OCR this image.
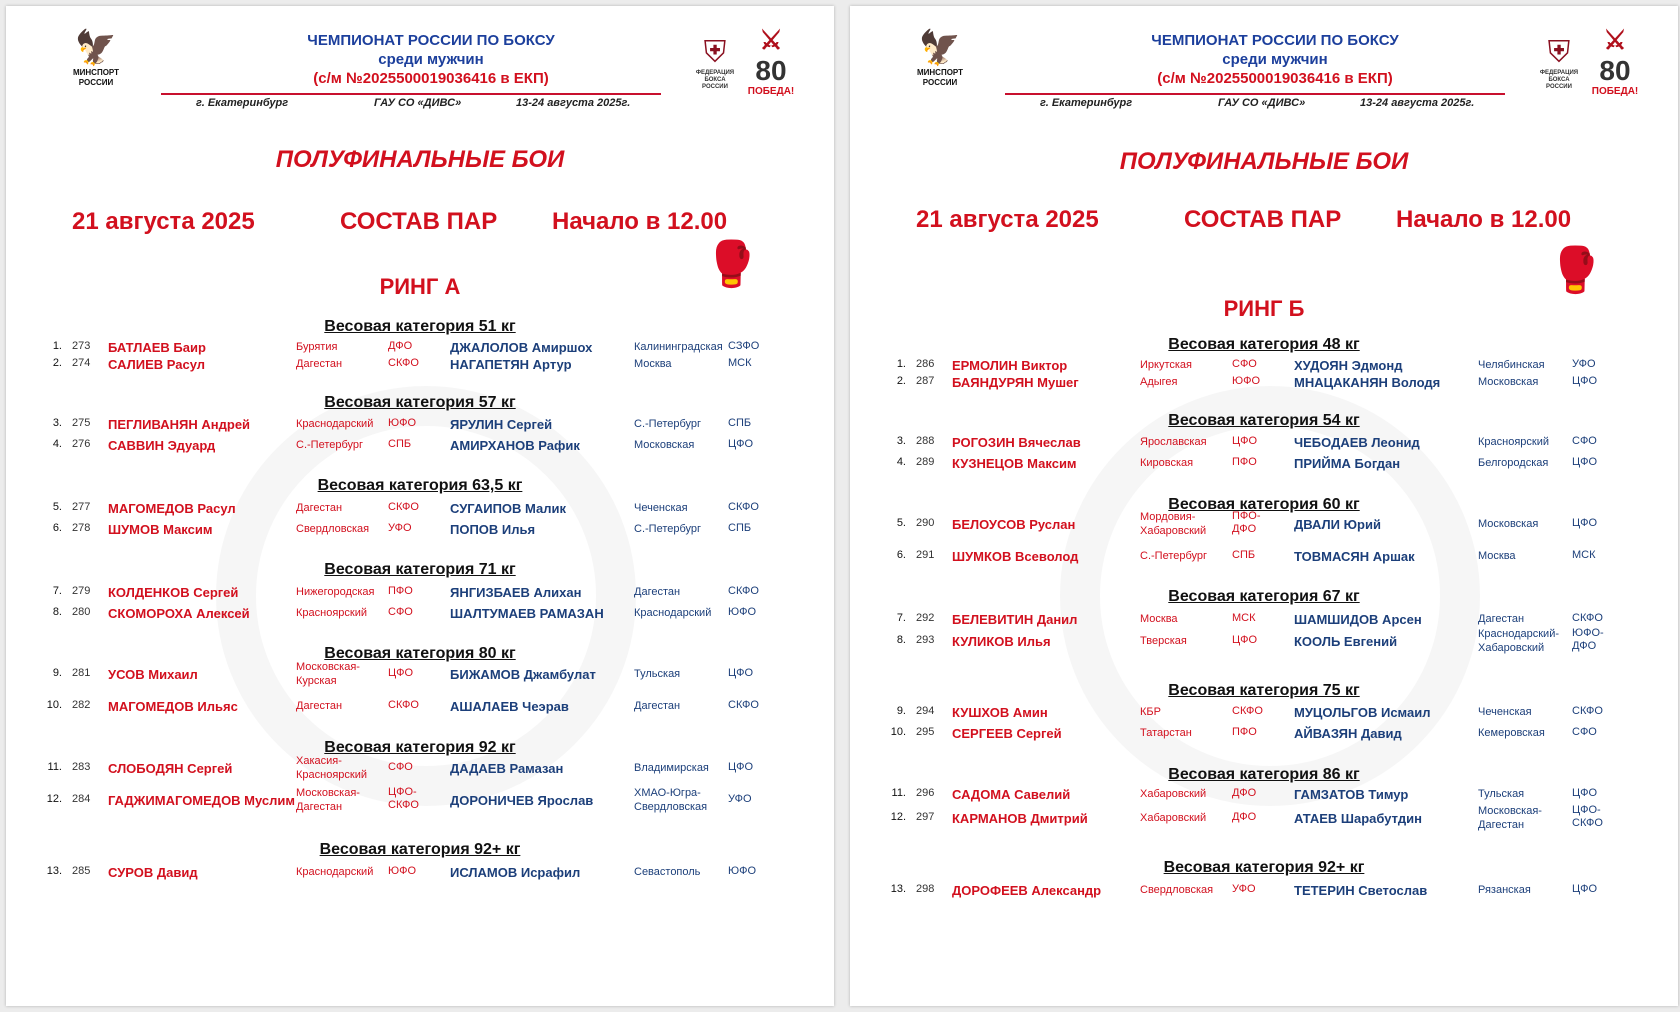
🦅
МИНСПОРТ
РОССИИ
ЧЕМПИОНАТ РОССИИ ПО БОКСУ
среди мужчин
(с/м №2025500019036416 в ЕКП)
г. Екатеринбург	ГАУ СО «ДИВС»	13-24 августа 2025г.
⛨
ФЕДЕРАЦИЯ
БОКСА РОССИИ
⚔
80
ПОБЕДА!
ПОЛУФИНАЛЬНЫЕ БОИ
21 августа 2025	СОСТАВ ПАР Начало в 12.00
🥊
РИНГ А
Весовая категория 51 кг
1. 273 БАТЛАЕВ Баир	Бурятия	ДФО	ДЖАЛОЛОВ Амиршох	Калининградская СЗФО
2. 274 САЛИЕВ Расул	Дагестан	СКФО НАГАПЕТЯН Артур	Москва	МСК
Весовая категория 57 кг
3. 275 ПЕГЛИВАНЯН Андрей	Краснодарский ЮФО	ЯРУЛИН Сергей	С.-Петербург СПБ
4. 276 САВВИН Эдуард	С.-Петербург СПБ	АМИРХАНОВ Рафик	Московская	ЦФО
Весовая категория 63,5 кг
5. 277 МАГОМЕДОВ Расул	Дагестан	СКФО СУГАИПОВ Малик	Чеченская	СКФО
6. 278 ШУМОВ Максим	Свердловская УФО	ПОПОВ Илья	С.-Петербург СПБ
Весовая категория 71 кг
7. 279 КОЛДЕНКОВ Сергей	Нижегородская ПФО	ЯНГИЗБАЕВ Алихан	Дагестан	СКФО
8. 280 СКОМОРОХА Алексей	Красноярский СФО	ШАЛТУМАЕВ РАМАЗАН	Краснодарский ЮФО
Весовая категория 80 кг
9. 281 УСОВ Михаил	Московская-
Курская
ЦФО	БИЖАМОВ Джамбулат	Тульская	ЦФО
10. 282 МАГОМЕДОВ Ильяс	Дагестан	СКФО АШАЛАЕВ Чеэрав	Дагестан	СКФО
Весовая категория 92 кг
11. 283 СЛОБОДЯН Сергей	Хакасия-
Красноярский
СФО	ДАДАЕВ Рамазан	Владимирская ЦФО
12. 284 ГАДЖИМАГОМЕДОВ Муслим Московская-
Дагестан
ЦФО-
СКФО ДОРОНИЧЕВ Ярослав	ХМАО-Югра-
Свердловская
УФО
Весовая категория 92+ кг
13. 285 СУРОВ Давид	Краснодарский ЮФО	ИСЛАМОВ Исрафил	Севастополь	ЮФО
🦅
МИНСПОРТ
РОССИИ
ЧЕМПИОНАТ РОССИИ ПО БОКСУ
среди мужчин
(с/м №2025500019036416 в ЕКП)
г. Екатеринбург	ГАУ СО «ДИВС»	13-24 августа 2025г.
⛨
ФЕДЕРАЦИЯ
БОКСА РОССИИ
⚔
80
ПОБЕДА!
ПОЛУФИНАЛЬНЫЕ БОИ
21 августа 2025	СОСТАВ ПАР Начало в 12.00
🥊
РИНГ Б
Весовая категория 48 кг
1. 286 ЕРМОЛИН Виктор	Иркутская	СФО	ХУДОЯН Эдмонд	Челябинская УФО
2. 287 БАЯНДУРЯН Мушег	Адыгея	ЮФО	МНАЦАКАНЯН Володя	Московская	ЦФО
Весовая категория 54 кг
3. 288 РОГОЗИН Вячеслав	Ярославская ЦФО	ЧЕБОДАЕВ Леонид	Красноярский СФО
4. 289 КУЗНЕЦОВ Максим	Кировская	ПФО	ПРИЙМА Богдан	Белгородская ЦФО
Весовая категория 60 кг
5. 290 БЕЛОУСОВ Руслан	Мордовия-
Хабаровский
ПФО-
ДФО	ДВАЛИ Юрий	Московская	ЦФО
6. 291 ШУМКОВ Всеволод	С.-Петербург СПБ	ТОВМАСЯН Аршак	Москва	МСК
Весовая категория 67 кг
7. 292 БЕЛЕВИТИН Данил	Москва	МСК	ШАМШИДОВ Арсен	Дагестан	СКФО
8. 293 КУЛИКОВ Илья	Тверская	ЦФО	КООЛЬ Евгений	Краснодарский-
Хабаровский
ЮФО-
ДФО
Весовая категория 75 кг
9. 294 КУШХОВ Амин	КБР	СКФО МУЦОЛЬГОВ Исмаил	Чеченская	СКФО
10. 295 СЕРГЕЕВ Сергей	Татарстан	ПФО	АЙВАЗЯН Давид	Кемеровская СФО
Весовая категория 86 кг
11. 296 САДОМА Савелий	Хабаровский ДФО	ГАМЗАТОВ Тимур	Тульская	ЦФО
12. 297 КАРМАНОВ Дмитрий	Хабаровский ДФО	АТАЕВ Шарабутдин	Московская-
Дагестан
ЦФО-
СКФО
Весовая категория 92+ кг
13. 298 ДОРОФЕЕВ Александр	Свердловская УФО	ТЕТЕРИН Светослав	Рязанская	ЦФО
